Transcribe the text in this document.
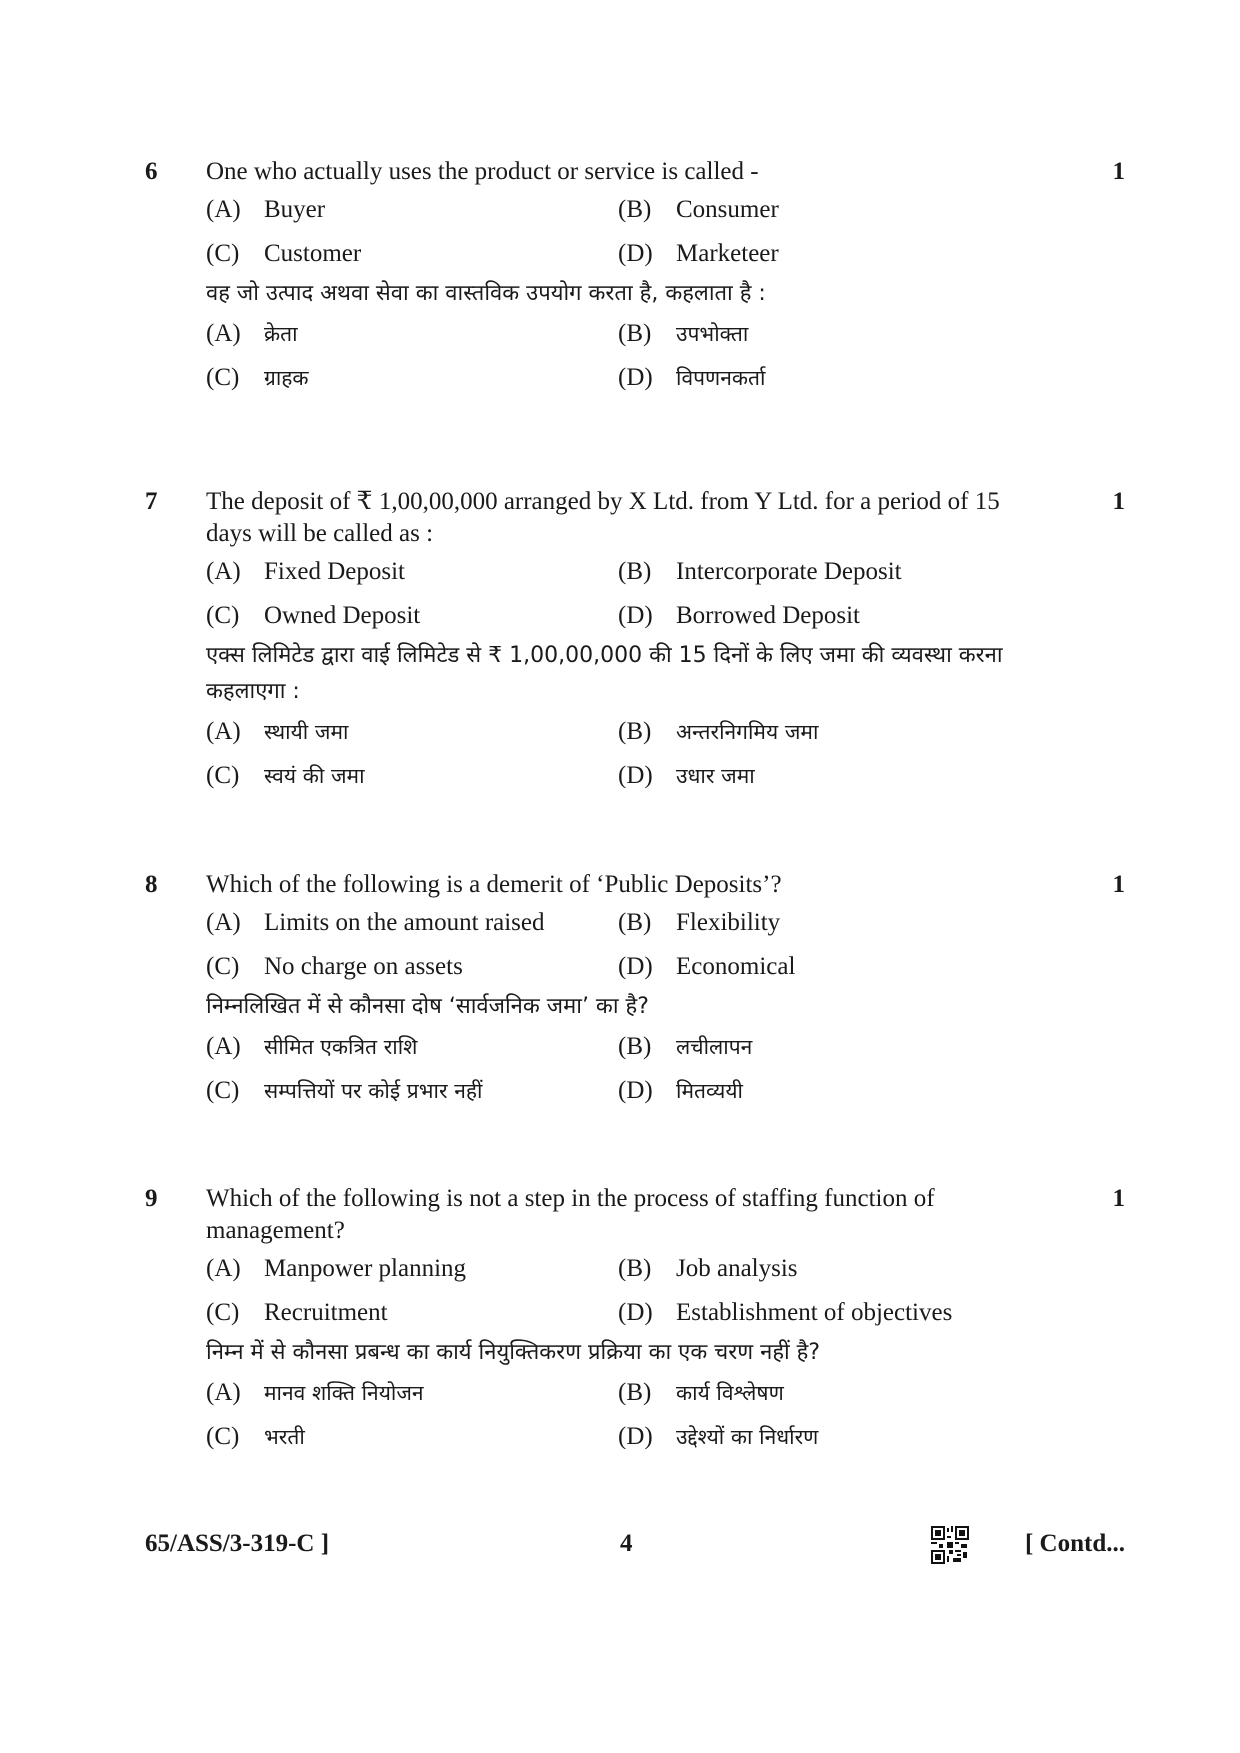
6	1

One who actually uses the product or service is called -

(A) Buyer	(B) Consumer
(C) Customer	(D) Marketeer

वह जो उत्पाद अथवा सेवा का वास्तविक उपयोग करता है, कहलाता है :

(A)	क्रेता	(B)	उपभोक्ता
(C)	ग्राहक	(D)	विपणनकर्ता
7	1

The deposit of ₹ 1,00,00,000 arranged by X Ltd. from Y Ltd. for a period of 15 days will be called as :

(A) Fixed Deposit	(B) Intercorporate Deposit
(C) Owned Deposit	(D) Borrowed Deposit

एक्स लिमिटेड द्वारा वाई लिमिटेड से ₹ 1,00,00,000 की 15 दिनों के लिए जमा की व्यवस्था करना कहलाएगा :

(A)	स्थायी जमा	(B)	अन्तरनिगमिय जमा
(C)	स्वयं की जमा	(D)	उधार जमा
8	1

Which of the following is a demerit of ‘Public Deposits’?

(A) Limits on the amount raised	(B) Flexibility
(C) No charge on assets	(D) Economical

निम्नलिखित में से कौनसा दोष ‘सार्वजनिक जमा’ का है?

(A)	सीमित एकत्रित राशि	(B)	लचीलापन
(C)	सम्पत्तियों पर कोई प्रभार नहीं	(D)	मितव्ययी
9	1

Which of the following is not a step in the process of staffing function of management?

(A) Manpower planning	(B) Job analysis
(C) Recruitment	(D) Establishment of objectives

निम्न में से कौनसा प्रबन्ध का कार्य नियुक्तिकरण प्रक्रिया का एक चरण नहीं है?

(A)	मानव शक्ति नियोजन	(B)	कार्य विश्लेषण
(C)	भरती	(D)	उद्देश्यों का निर्धारण
65/ASS/3-319-C ]	4	[ Contd...
